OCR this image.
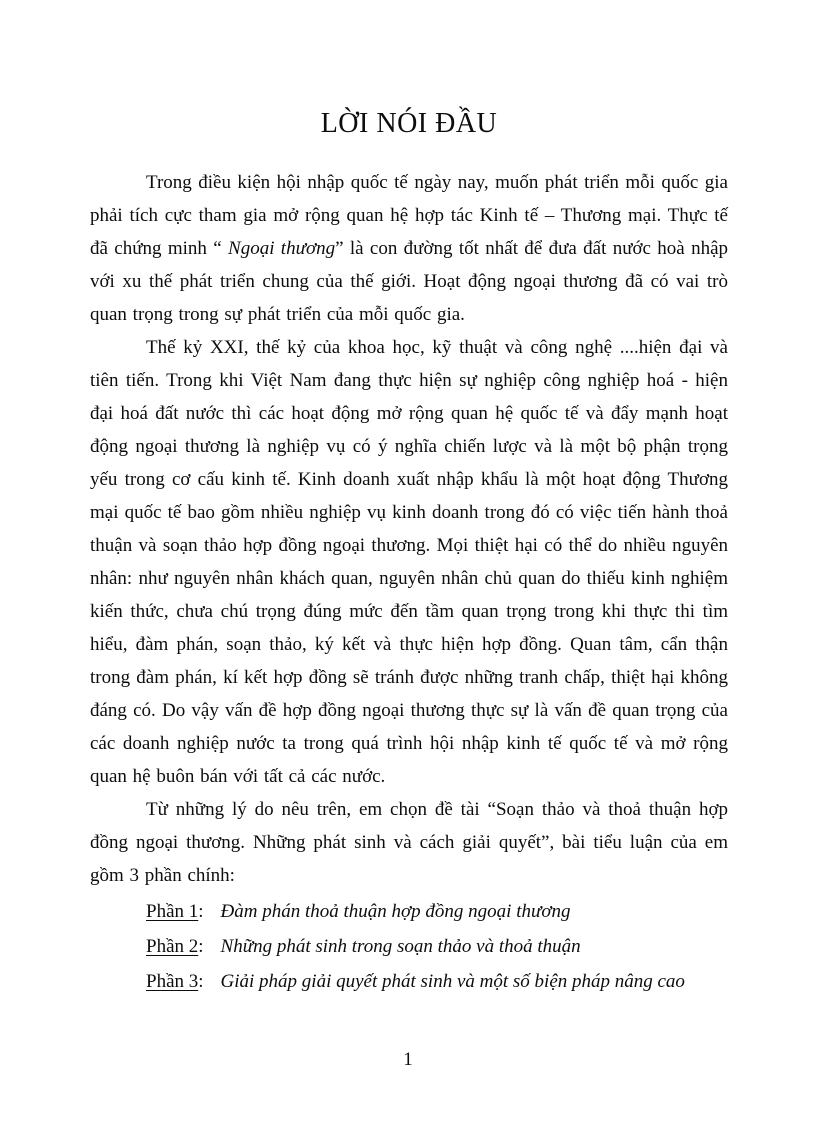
LỜI NÓI ĐẦU

Trong điều kiện hội nhập quốc tế ngày nay, muốn phát triển mỗi quốc gia phải tích cực tham gia mở rộng quan hệ hợp tác Kinh tế – Thương mại. Thực tế đã chứng minh “ Ngoại thương” là con đường tốt nhất để đưa đất nước hoà nhập với xu thế phát triển chung của thế giới. Hoạt động ngoại thương đã có vai trò quan trọng trong sự phát triển của mỗi quốc gia.

Thế kỷ XXI, thế kỷ của khoa học, kỹ thuật và công nghệ ....hiện đại và tiên tiến. Trong khi Việt Nam đang thực hiện sự nghiệp công nghiệp hoá - hiện đại hoá đất nước thì các hoạt động mở rộng quan hệ quốc tế và đẩy mạnh hoạt động ngoại thương là nghiệp vụ có ý nghĩa chiến lược và là một bộ phận trọng yếu trong cơ cấu kinh tế. Kinh doanh xuất nhập khẩu là một hoạt động Thương mại quốc tế bao gồm nhiều nghiệp vụ kinh doanh trong đó có việc tiến hành thoả thuận và soạn thảo hợp đồng ngoại thương. Mọi thiệt hại có thể do nhiều nguyên nhân: như nguyên nhân khách quan, nguyên nhân chủ quan do thiếu kinh nghiệm kiến thức, chưa chú trọng đúng mức đến tầm quan trọng trong khi thực thi tìm hiểu, đàm phán, soạn thảo, ký kết và thực hiện hợp đồng. Quan tâm, cẩn thận trong đàm phán, kí kết hợp đồng sẽ tránh được những tranh chấp, thiệt hại không đáng có. Do vậy vấn đề hợp đồng ngoại thương thực sự là vấn đề quan trọng của các doanh nghiệp nước ta trong quá trình hội nhập kinh tế quốc tế và mở rộng quan hệ buôn bán với tất cả các nước.

Từ những lý do nêu trên, em chọn đề tài “Soạn thảo và thoả thuận hợp đồng ngoại thương. Những phát sinh và cách giải quyết”, bài tiểu luận của em gồm 3 phần chính:

Phần 1: Đàm phán thoả thuận hợp đồng ngoại thương
Phần 2: Những phát sinh trong soạn thảo và thoả thuận
Phần 3: Giải pháp giải quyết phát sinh và một số biện pháp nâng cao
1
